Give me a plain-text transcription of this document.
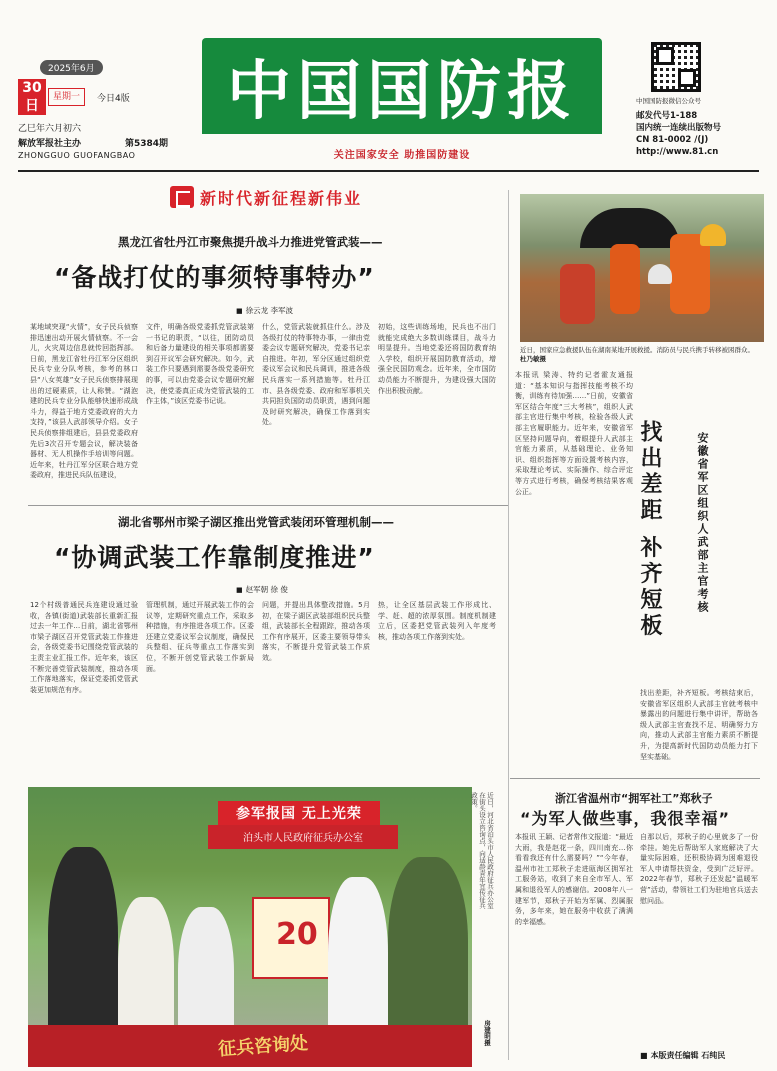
2025年6月
30日
星期一	今日4版
乙巳年六月初六
解放军报社主办	第5384期
ZHONGGUO GUOFANGBAO
中国国防报
关注国家安全 助推国防建设
中国国防报微信公众号
邮发代号1-188
国内统一连续出版物号
CN 81-0002 /(J)
http://www.81.cn
新时代新征程新伟业
黑龙江省牡丹江市聚焦提升战斗力推进党管武装——
“备战打仗的事须特事特办”
■ 徐云龙 李军波
某地域突现“火情”，女子民兵侦察排迅速出动开展火情侦察。不一会儿，火灾周边信息就传回指挥部。日前，黑龙江省牡丹江军分区组织民兵专业分队考核，参考的林口县“八女英雄”女子民兵侦察排展现出的过硬素质，让人称赞。“湖泡建的民兵专业分队能够快速形成战斗力，得益于地方党委政府的大力支持，”该县人武部领导介绍。女子民兵侦察排组建后，县县党委政府先后3次召开专题会议，解决装备器材、无人机操作手培训等问题。近年来，牡丹江军分区联合地方党委政府，推进民兵队伍建设，
文件，明确各级党委抓党管武装第一书记的职责，“以往，团防动员和后备力量建设的相关事项都需要到召开议军会研究解决。如今，武装工作只要遇到需要各级党委研究的事，可以由党委会议专题研究解决，使党委真正成为党管武装的工作主体，”该区党委书记说。
什么，党管武装就抓住什么。涉及各级打仗的特事特办事，一律由党委会议专题研究解决，党委书记亲自推进。年初，军分区通过组织党委议军会议和民兵调训，推进各级民兵落实一系列措施等。牡丹江市、县各级党委、政府和军事机关共同担负国防动员职责，遇到问题及时研究解决，确保工作落到实处。
初始，这些训练场地，民兵也不出门就能完成绝大多数训练课目，战斗力明显提升。当地党委还将国防教育纳入学校，组织开展国防教育活动，增强全民国防观念。近年来，全市国防动员能力不断提升，为建设强大国防作出积极贡献。
湖北省鄂州市梁子湖区推出党管武装闭环管理机制——
“协调武装工作靠制度推进”
■ 赵军朝 徐 俊
12个村级普通民兵连建设通过验收，各镇(街道)武装部长重新汇报过去一年工作…日前，湖北省鄂州市梁子湖区召开党管武装工作推进会，各级党委书记围绕党管武装的主责主业汇报工作。近年来，该区不断完善党管武装制度，推动各项工作落地落实，保证党委抓党管武装更加规范有序。
管理机制，通过开展武装工作的会议等，定期研究重点工作，采取多种措施，有序推进各项工作。区委还建立党委议军会议制度，确保民兵整组、征兵等重点工作落实到位，不断开创党管武装工作新局面。
问题，并提出具体整改措施。5月初，在梁子湖区武装部组织民兵整组，武装部长全程跟踪，推动各项工作有序展开，区委主要领导带头落实，不断提升党管武装工作质效。
热，让全区基层武装工作形成比、学、赶、超的浓厚氛围。制度机制建立后，区委把党管武装列入年度考核，推动各项工作落到实处。
近日，国家应急救援队伍在湖南某地开展救援。消防员与民兵携手转移被困群众。 杜乃敏摄
本报讯 梁涛、特约记者霍友通报道：“基本知识与指挥技能考核不均衡，训练有待加强……”日前，安徽省军区结合年度“三大考核”，组织人武部主官进行集中考核，检验各级人武部主官履职能力。近年来，安徽省军区坚持问题导向，着眼提升人武部主官能力素质，从基础理论、业务知识、组织指挥等方面设置考核内容，采取理论考试、实际操作、综合评定等方式进行考核，确保考核结果客观公正。	找出差距 补齐短板	安徽省军区组织人武部主官考核
找出差距，补齐短板。考核结束后，安徽省军区组织人武部主官就考核中暴露出的问题进行集中讲评，帮助各级人武部主官查找不足、明确努力方向，推动人武部主官能力素质不断提升，为提高新时代国防动员能力打下坚实基础。
参军报国 无上光荣
泊头市人民政府征兵办公室
20
征兵咨询处
近日，河北省泊头市人民政府征兵办公室在街头设立咨询点，向适龄青年宣传征兵政策。
房建明摄
浙江省温州市“拥军社工”郑秋子
“为军人做些事，我很幸福”
本报讯 王颖、记者常伟文报道：“最近大雨，我是赵花一条，四川南充…你看看我还有什么需要吗？”“今年春，温州市社工郑秋子走进瓯海区拥军社工服务站，收到了来自全市军人、军属和退役军人的感谢信。2008年八一建军节，郑秋子开始为军属、烈属服务，多年来，她在服务中收获了满满的幸福感。
自那以后，郑秋子的心里就多了一份牵挂。她先后帮助军人家庭解决了大量实际困难，还积极协调为困难退役军人申请帮扶资金，受到广泛好评。2022年春节，郑秋子还发起“温暖军营”活动，带领社工们为驻地官兵送去慰问品。
■ 本版责任编辑 石纯民
